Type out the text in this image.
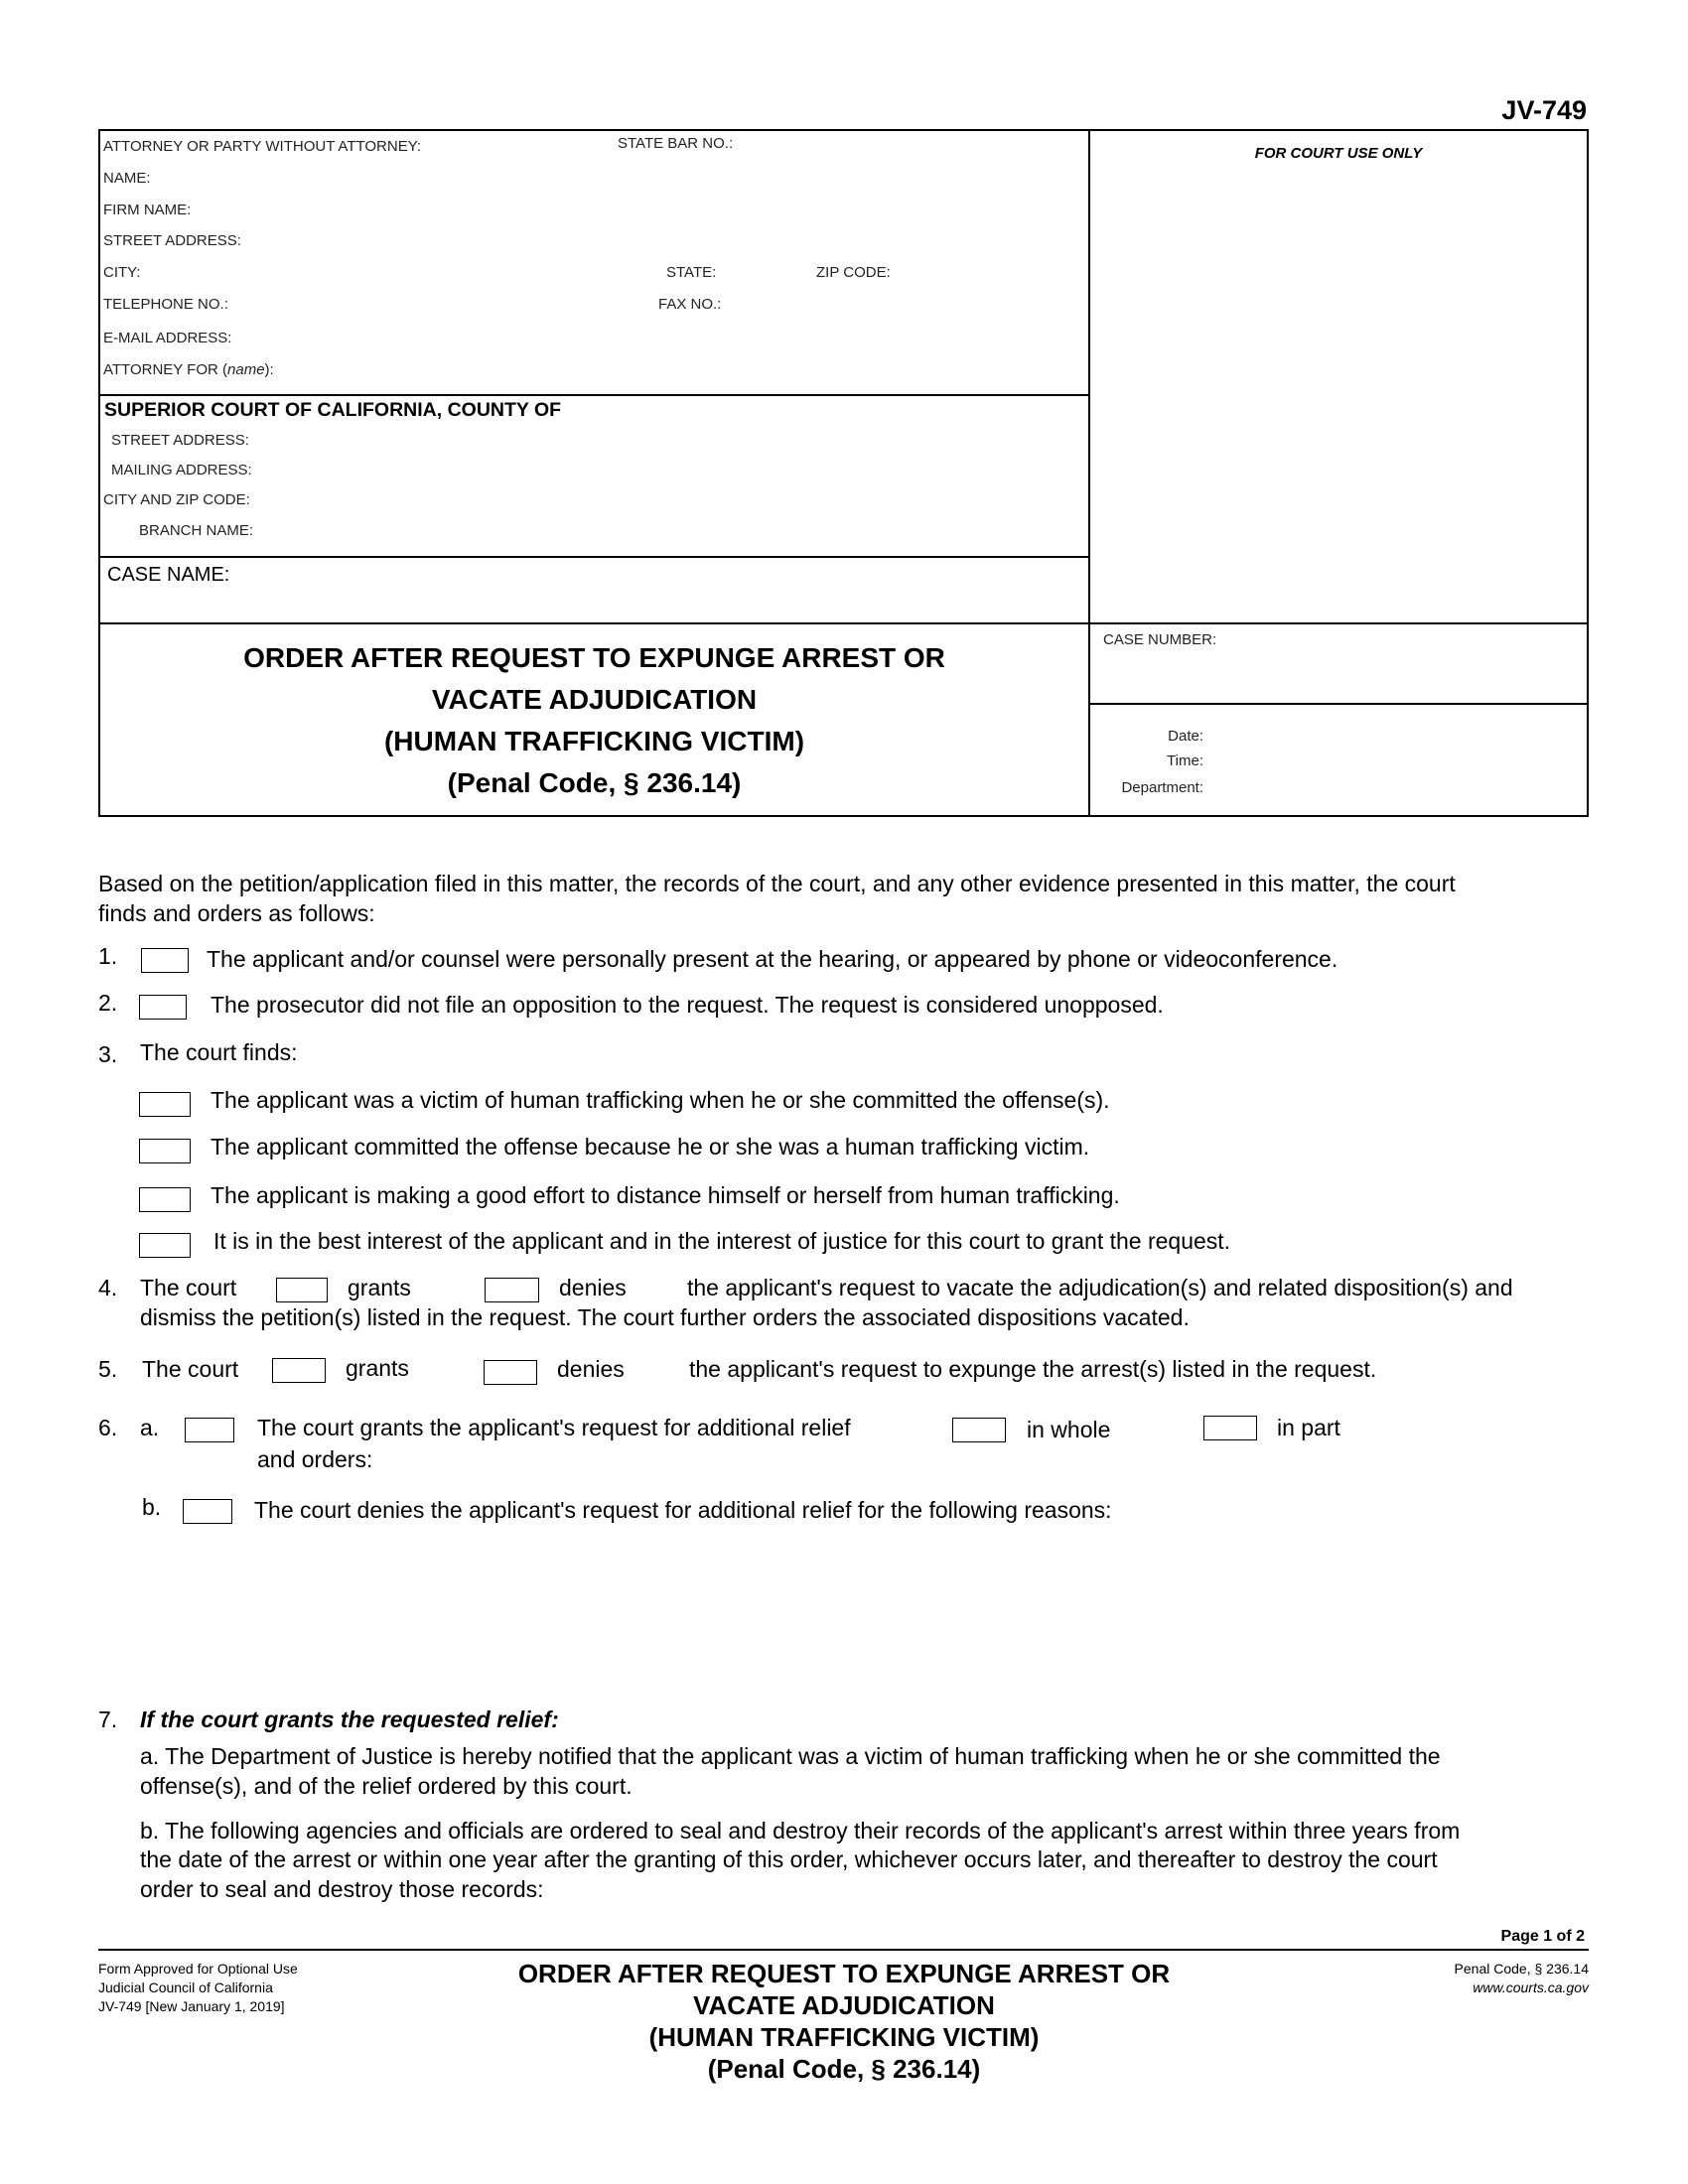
JV-749
ATTORNEY OR PARTY WITHOUT ATTORNEY:	STATE BAR NO.:
NAME:
FIRM NAME:
STREET ADDRESS:
CITY:	STATE:	ZIP CODE:
TELEPHONE NO.:	FAX NO.:
E-MAIL ADDRESS:
ATTORNEY FOR (name):
FOR COURT USE ONLY
SUPERIOR COURT OF CALIFORNIA, COUNTY OF
STREET ADDRESS:
MAILING ADDRESS:
CITY AND ZIP CODE:
BRANCH NAME:
CASE NAME:
ORDER AFTER REQUEST TO EXPUNGE ARREST OR
VACATE ADJUDICATION
(HUMAN TRAFFICKING VICTIM)
(Penal Code, § 236.14)
CASE NUMBER:
Date:
Time:
Department:
Based on the petition/application filed in this matter, the records of the court, and any other evidence presented in this matter, the court
finds and orders as follows:
1.	The applicant and/or counsel were personally present at the hearing, or appeared by phone or videoconference.
2.	The prosecutor did not file an opposition to the request. The request is considered unopposed.
3. The court finds:
The applicant was a victim of human trafficking when he or she committed the offense(s).
The applicant committed the offense because he or she was a human trafficking victim.
The applicant is making a good effort to distance himself or herself from human trafficking.
It is in the best interest of the applicant and in the interest of justice for this court to grant the request.
4. The court	grants	denies	the applicant's request to vacate the adjudication(s) and related disposition(s) and
dismiss the petition(s) listed in the request. The court further orders the associated dispositions vacated.
5. The court	grants	denies	the applicant's request to expunge the arrest(s) listed in the request.
6. a.	The court grants the applicant's request for additional relief
and orders:
in whole	in part
b.	The court denies the applicant's request for additional relief for the following reasons:
7. If the court grants the requested relief:
a. The Department of Justice is hereby notified that the applicant was a victim of human trafficking when he or she committed the
offense(s), and of the relief ordered by this court.
b. The following agencies and officials are ordered to seal and destroy their records of the applicant's arrest within three years from
the date of the arrest or within one year after the granting of this order, whichever occurs later, and thereafter to destroy the court
order to seal and destroy those records:
Page 1 of 2
Form Approved for Optional Use
Judicial Council of California
JV-749 [New January 1, 2019]
ORDER AFTER REQUEST TO EXPUNGE ARREST OR
VACATE ADJUDICATION
(HUMAN TRAFFICKING VICTIM)
(Penal Code, § 236.14)
Penal Code, § 236.14
www.courts.ca.gov
